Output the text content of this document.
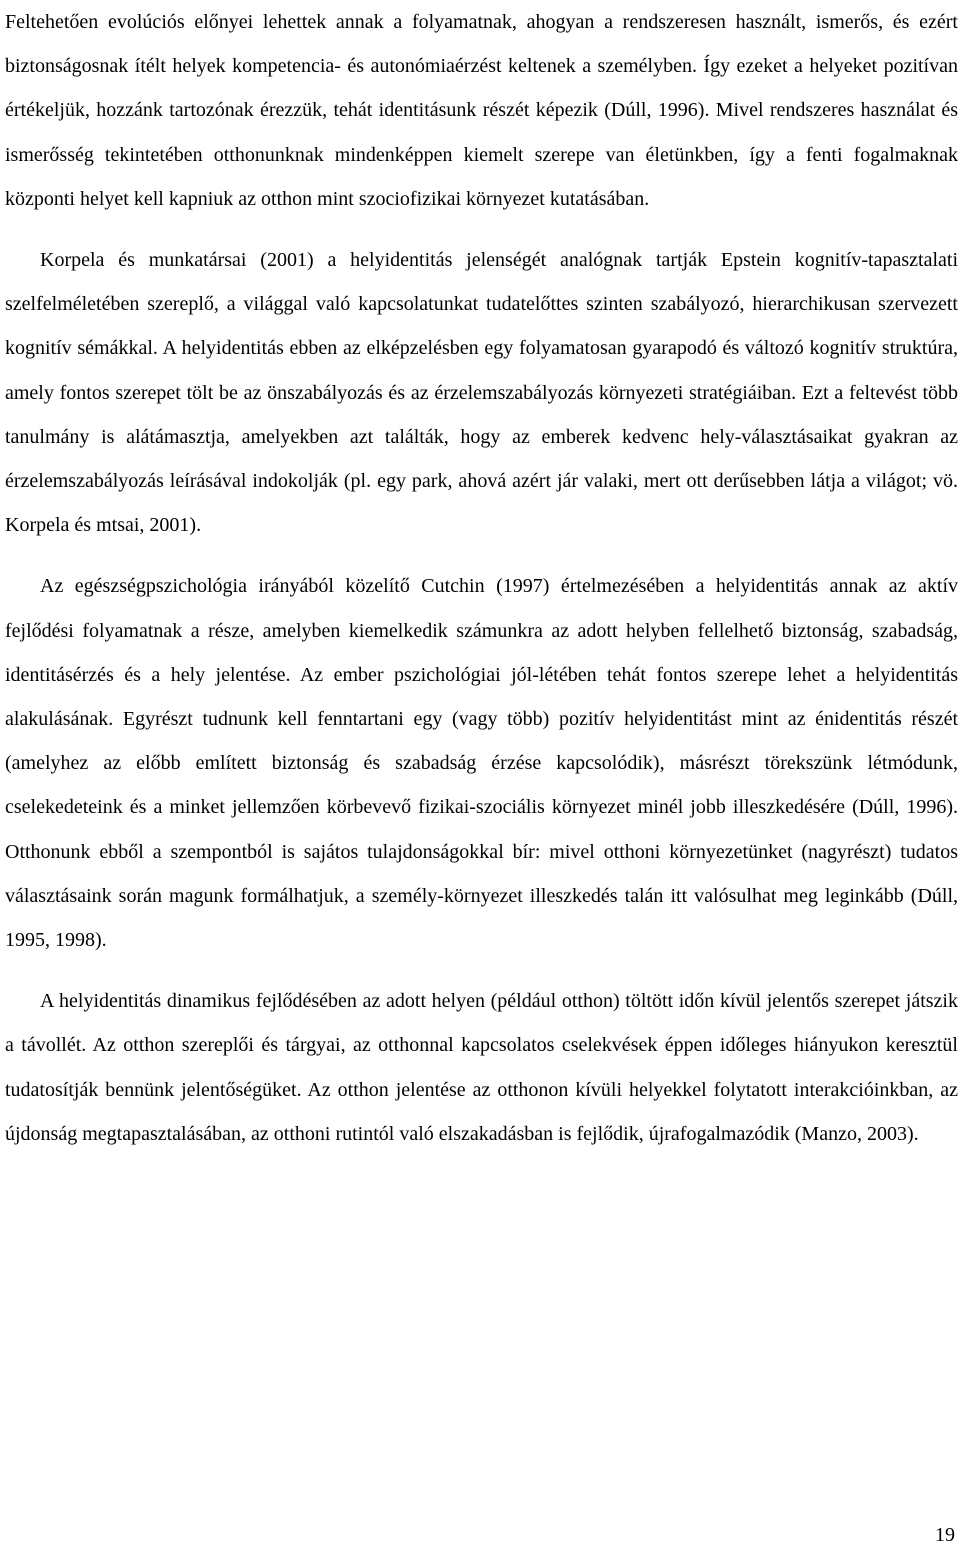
Feltehetően evolúciós előnyei lehettek annak a folyamatnak, ahogyan a rendszeresen használt, ismerős, és ezért biztonságosnak ítélt helyek kompetencia- és autonómiaérzést keltenek a személyben. Így ezeket a helyeket pozitívan értékeljük, hozzánk tartozónak érezzük, tehát identitásunk részét képezik (Dúll, 1996). Mivel rendszeres használat és ismerősség tekintetében otthonunknak mindenképpen kiemelt szerepe van életünkben, így a fenti fogalmaknak központi helyet kell kapniuk az otthon mint szociofizikai környezet kutatásában.

Korpela és munkatársai (2001) a helyidentitás jelenségét analógnak tartják Epstein kognitív-tapasztalati szelfelméletében szereplő, a világgal való kapcsolatunkat tudatelőttes szinten szabályozó, hierarchikusan szervezett kognitív sémákkal. A helyidentitás ebben az elképzelésben egy folyamatosan gyarapodó és változó kognitív struktúra, amely fontos szerepet tölt be az önszabályozás és az érzelemszabályozás környezeti stratégiáiban. Ezt a feltevést több tanulmány is alátámasztja, amelyekben azt találták, hogy az emberek kedvenc hely-választásaikat gyakran az érzelemszabályozás leírásával indokolják (pl. egy park, ahová azért jár valaki, mert ott derűsebben látja a világot; vö. Korpela és mtsai, 2001).

Az egészségpszichológia irányából közelítő Cutchin (1997) értelmezésében a helyidentitás annak az aktív fejlődési folyamatnak a része, amelyben kiemelkedik számunkra az adott helyben fellelhető biztonság, szabadság, identitásérzés és a hely jelentése. Az ember pszichológiai jól-létében tehát fontos szerepe lehet a helyidentitás alakulásának. Egyrészt tudnunk kell fenntartani egy (vagy több) pozitív helyidentitást mint az énidentitás részét (amelyhez az előbb említett biztonság és szabadság érzése kapcsolódik), másrészt törekszünk létmódunk, cselekedeteink és a minket jellemzően körbevevő fizikai-szociális környezet minél jobb illeszkedésére (Dúll, 1996). Otthonunk ebből a szempontból is sajátos tulajdonságokkal bír: mivel otthoni környezetünket (nagyrészt) tudatos választásaink során magunk formálhatjuk, a személy-környezet illeszkedés talán itt valósulhat meg leginkább (Dúll, 1995, 1998).

A helyidentitás dinamikus fejlődésében az adott helyen (például otthon) töltött időn kívül jelentős szerepet játszik a távollét. Az otthon szereplői és tárgyai, az otthonnal kapcsolatos cselekvések éppen időleges hiányukon keresztül tudatosítják bennünk jelentőségüket. Az otthon jelentése az otthonon kívüli helyekkel folytatott interakcióinkban, az újdonság megtapasztalásában, az otthoni rutintól való elszakadásban is fejlődik, újrafogalmazódik (Manzo, 2003).

19
